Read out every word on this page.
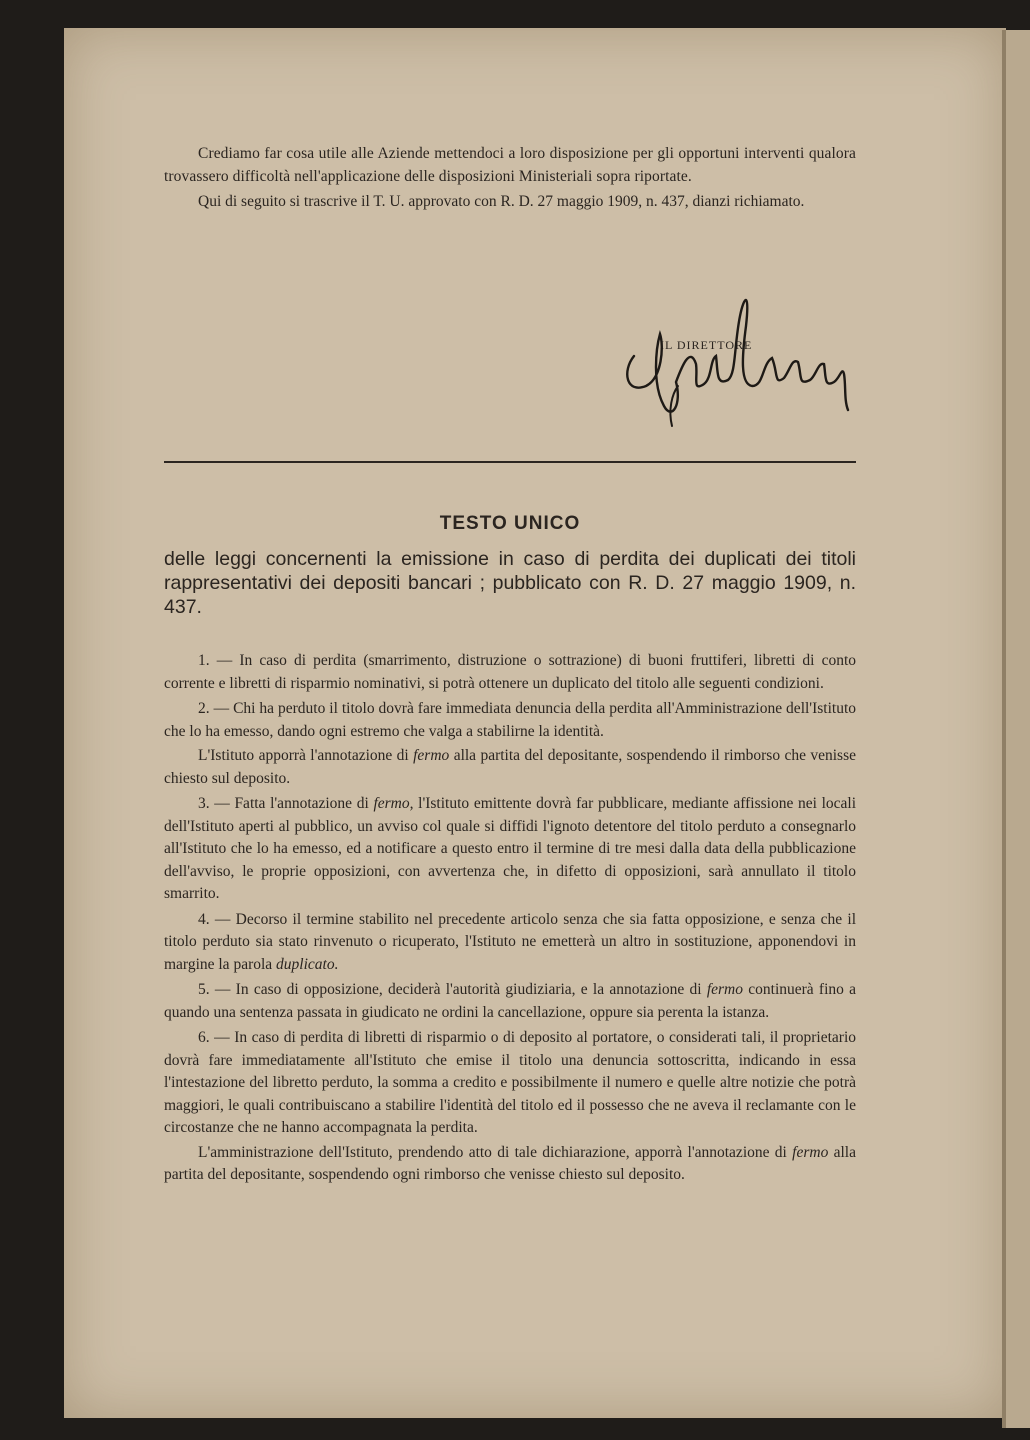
Crediamo far cosa utile alle Aziende mettendoci a loro disposizione per gli opportuni interventi qualora trovassero difficoltà nell'applicazione delle disposizioni Ministeriali sopra riportate.

Qui di seguito si trascrive il T. U. approvato con R. D. 27 maggio 1909, n. 437, dianzi richiamato.

IL DIRETTORE
TESTO UNICO
delle leggi concernenti la emissione in caso di perdita dei duplicati dei titoli rappresentativi dei depositi bancari ; pubblicato con R. D. 27 maggio 1909, n. 437.

1. — In caso di perdita (smarrimento, distruzione o sottrazione) di buoni fruttiferi, libretti di conto corrente e libretti di risparmio nominativi, si potrà ottenere un duplicato del titolo alle seguenti condizioni.

2. — Chi ha perduto il titolo dovrà fare immediata denuncia della perdita all'Amministrazione dell'Istituto che lo ha emesso, dando ogni estremo che valga a stabilirne la identità.

L'Istituto apporrà l'annotazione di fermo alla partita del depositante, sospendendo il rimborso che venisse chiesto sul deposito.

3. — Fatta l'annotazione di fermo, l'Istituto emittente dovrà far pubblicare, mediante affissione nei locali dell'Istituto aperti al pubblico, un avviso col quale si diffidi l'ignoto detentore del titolo perduto a consegnarlo all'Istituto che lo ha emesso, ed a notificare a questo entro il termine di tre mesi dalla data della pubblicazione dell'avviso, le proprie opposizioni, con avvertenza che, in difetto di opposizioni, sarà annullato il titolo smarrito.

4. — Decorso il termine stabilito nel precedente articolo senza che sia fatta opposizione, e senza che il titolo perduto sia stato rinvenuto o ricuperato, l'Istituto ne emetterà un altro in sostituzione, apponendovi in margine la parola duplicato.

5. — In caso di opposizione, deciderà l'autorità giudiziaria, e la annotazione di fermo continuerà fino a quando una sentenza passata in giudicato ne ordini la cancellazione, oppure sia perenta la istanza.

6. — In caso di perdita di libretti di risparmio o di deposito al portatore, o considerati tali, il proprietario dovrà fare immediatamente all'Istituto che emise il titolo una denuncia sottoscritta, indicando in essa l'intestazione del libretto perduto, la somma a credito e possibilmente il numero e quelle altre notizie che potrà maggiori, le quali contribuiscano a stabilire l'identità del titolo ed il possesso che ne aveva il reclamante con le circostanze che ne hanno accompagnata la perdita.

L'amministrazione dell'Istituto, prendendo atto di tale dichiarazione, apporrà l'annotazione di fermo alla partita del depositante, sospendendo ogni rimborso che venisse chiesto sul deposito.
